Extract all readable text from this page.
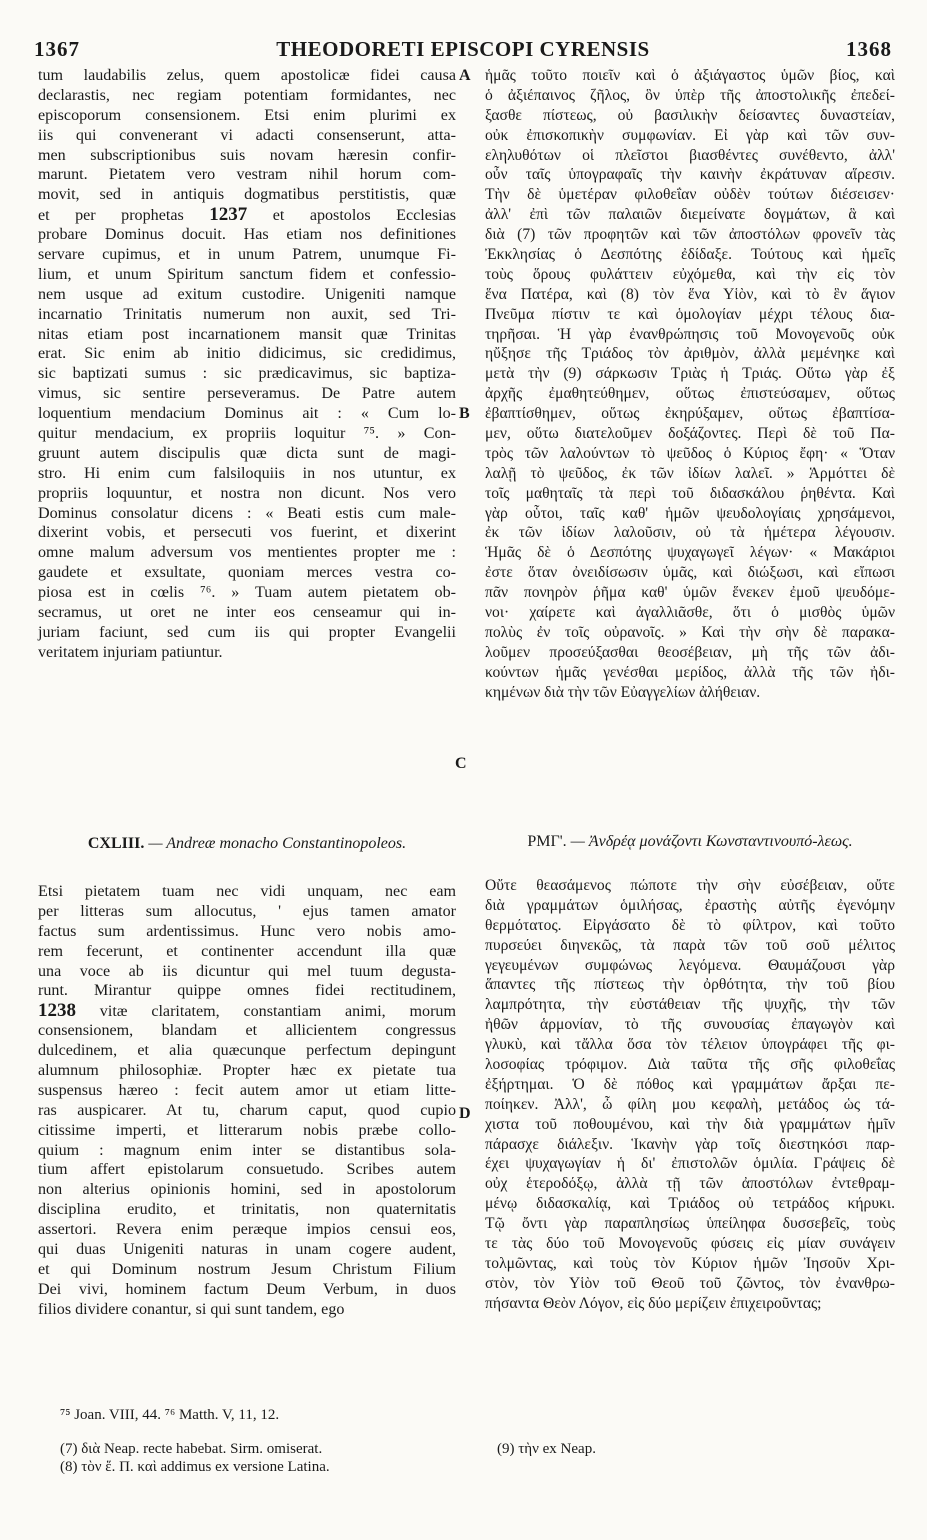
1367	THEODORETI EPISCOPI CYRENSIS	1368
tum laudabilis zelus, quem apostolicæ fidei causa
declarastis, nec regiam potentiam formidantes, nec
episcoporum consensionem. Etsi enim plurimi ex
iis qui convenerant vi adacti consenserunt, atta-
men subscriptionibus suis novam hæresin confir-
marunt. Pietatem vero vestram nihil horum com-
movit, sed in antiquis dogmatibus perstitistis, quæ
et per prophetas 1237 et apostolos Ecclesias
probare Dominus docuit. Has etiam nos definitiones
servare cupimus, et in unum Patrem, unumque Fi-
lium, et unum Spiritum sanctum fidem et confessio-
nem usque ad exitum custodire. Unigeniti namque
incarnatio Trinitatis numerum non auxit, sed Tri-
nitas etiam post incarnationem mansit quæ Trinitas
erat. Sic enim ab initio didicimus, sic credidimus,
sic baptizati sumus : sic prædicavimus, sic baptiza-
vimus, sic sentire perseveramus. De Patre autem
loquentium mendacium Dominus ait : « Cum lo-
quitur mendacium, ex propriis loquitur ⁷⁵. » Con-
gruunt autem discipulis quæ dicta sunt de magi-
stro. Hi enim cum falsiloquiis in nos utuntur, ex
propriis loquuntur, et nostra non dicunt. Nos vero
Dominus consolatur dicens : « Beati estis cum male-
dixerint vobis, et persecuti vos fuerint, et dixerint
omne malum adversum vos mentientes propter me :
gaudete et exsultate, quoniam merces vestra co-
piosa est in cœlis ⁷⁶. » Tuam autem pietatem ob-
secramus, ut oret ne inter eos censeamur qui in-
juriam faciunt, sed cum iis qui propter Evangelii
veritatem injuriam patiuntur.
ἡμᾶς τοῦτο ποιεῖν καὶ ὁ ἀξιάγαστος ὑμῶν βίος, καὶ
ὁ ἀξιέπαινος ζῆλος, ὃν ὑπὲρ τῆς ἀποστολικῆς ἐπεδεί-
ξασθε πίστεως, οὐ βασιλικὴν δείσαντες δυναστείαν,
οὐκ ἐπισκοπικὴν συμφωνίαν. Εἰ γὰρ καὶ τῶν συν-
εληλυθότων οἱ πλεῖστοι βιασθέντες συνέθεντο, ἀλλ'
οὖν ταῖς ὑπογραφαῖς τὴν καινὴν ἐκράτυναν αἵρεσιν.
Τὴν δὲ ὑμετέραν φιλοθεΐαν οὐδὲν τούτων διέσεισεν·
ἀλλ' ἐπὶ τῶν παλαιῶν διεμείνατε δογμάτων, ἃ καὶ
διὰ (7) τῶν προφητῶν καὶ τῶν ἀποστόλων φρονεῖν τὰς
Ἐκκλησίας ὁ Δεσπότης ἐδίδαξε. Τούτους καὶ ἡμεῖς
τοὺς ὅρους φυλάττειν εὐχόμεθα, καὶ τὴν εἰς τὸν
ἕνα Πατέρα, καὶ (8) τὸν ἕνα Υἱὸν, καὶ τὸ ἓν ἅγιον
Πνεῦμα πίστιν τε καὶ ὁμολογίαν μέχρι τέλους δια-
τηρῆσαι. Ἡ γὰρ ἐνανθρώπησις τοῦ Μονογενοῦς οὐκ
ηὔξησε τῆς Τριάδος τὸν ἀριθμὸν, ἀλλὰ μεμένηκε καὶ
μετὰ τὴν (9) σάρκωσιν Τριὰς ἡ Τριάς. Οὕτω γὰρ ἐξ
ἀρχῆς ἐμαθητεύθημεν, οὕτως ἐπιστεύσαμεν, οὕτως
ἐβαπτίσθημεν, οὕτως ἐκηρύξαμεν, οὕτως ἐβαπτίσα-
μεν, οὕτω διατελοῦμεν δοξάζοντες. Περὶ δὲ τοῦ Πα-
τρὸς τῶν λαλούντων τὸ ψεῦδος ὁ Κύριος ἔφη· « Ὅταν
λαλῇ τὸ ψεῦδος, ἐκ τῶν ἰδίων λαλεῖ. » Ἁρμόττει δὲ
τοῖς μαθηταῖς τὰ περὶ τοῦ διδασκάλου ῥηθέντα. Καὶ
γὰρ οὗτοι, ταῖς καθ' ἡμῶν ψευδολογίαις χρησάμενοι,
ἐκ τῶν ἰδίων λαλοῦσιν, οὐ τὰ ἡμέτερα λέγουσιν.
Ἡμᾶς δὲ ὁ Δεσπότης ψυχαγωγεῖ λέγων· « Μακάριοι
ἐστε ὅταν ὀνειδίσωσιν ὑμᾶς, καὶ διώξωσι, καὶ εἴπωσι
πᾶν πονηρὸν ῥῆμα καθ' ὑμῶν ἕνεκεν ἐμοῦ ψευδόμε-
νοι· χαίρετε καὶ ἀγαλλιᾶσθε, ὅτι ὁ μισθὸς ὑμῶν
πολὺς ἐν τοῖς οὐρανοῖς. » Καὶ τὴν σὴν δὲ παρακα-
λοῦμεν προσεύξασθαι θεοσέβειαν, μὴ τῆς τῶν ἀδι-
κούντων ἡμᾶς γενέσθαι μερίδος, ἀλλὰ τῆς τῶν ἠδι-
κημένων διὰ τὴν τῶν Εὐαγγελίων ἀλήθειαν.
A
B
C
D
CXLIII. — Andreæ monacho Constantinopoleos.	ΡΜΓ'. — Ἀνδρέᾳ μονάζοντι Κωνσταντινουπό-λεως.
Etsi pietatem tuam nec vidi unquam, nec eam
per litteras sum allocutus, ' ejus tamen amator
factus sum ardentissimus. Hunc vero nobis amo-
rem fecerunt, et continenter accendunt illa quæ
una voce ab iis dicuntur qui mel tuum degusta-
runt. Mirantur quippe omnes fidei rectitudinem,
1238 vitæ claritatem, constantiam animi, morum
consensionem, blandam et allicientem congressus
dulcedinem, et alia quæcunque perfectum depingunt
alumnum philosophiæ. Propter hæc ex pietate tua
suspensus hæreo : fecit autem amor ut etiam litte-
ras auspicarer. At tu, charum caput, quod cupio
citissime imperti, et litterarum nobis præbe collo-
quium : magnum enim inter se distantibus sola-
tium affert epistolarum consuetudo. Scribes autem
non alterius opinionis homini, sed in apostolorum
disciplina erudito, et trinitatis, non quaternitatis
assertori. Revera enim peræque impios censui eos,
qui duas Unigeniti naturas in unam cogere audent,
et qui Dominum nostrum Jesum Christum Filium
Dei vivi, hominem factum Deum Verbum, in duos
filios dividere conantur, si qui sunt tandem, ego
Οὔτε θεασάμενος πώποτε τὴν σὴν εὐσέβειαν, οὔτε
διὰ γραμμάτων ὁμιλήσας, ἐραστὴς αὐτῆς ἐγενόμην
θερμότατος. Εἰργάσατο δὲ τὸ φίλτρον, καὶ τοῦτο
πυρσεύει διηνεκῶς, τὰ παρὰ τῶν τοῦ σοῦ μέλιτος
γεγευμένων συμφώνως λεγόμενα. Θαυμάζουσι γὰρ
ἅπαντες τῆς πίστεως τὴν ὀρθότητα, τὴν τοῦ βίου
λαμπρότητα, τὴν εὐστάθειαν τῆς ψυχῆς, τὴν τῶν
ἠθῶν ἁρμονίαν, τὸ τῆς συνουσίας ἐπαγωγὸν καὶ
γλυκὺ, καὶ τἄλλα ὅσα τὸν τέλειον ὑπογράφει τῆς φι-
λοσοφίας τρόφιμον. Διὰ ταῦτα τῆς σῆς φιλοθεΐας
ἐξήρτημαι. Ὁ δὲ πόθος καὶ γραμμάτων ἄρξαι πε-
ποίηκεν. Ἀλλ', ὦ φίλη μου κεφαλὴ, μετάδος ὡς τά-
χιστα τοῦ ποθουμένου, καὶ τὴν διὰ γραμμάτων ἡμῖν
πάρασχε διάλεξιν. Ἱκανὴν γὰρ τοῖς διεστηκόσι παρ-
έχει ψυχαγωγίαν ἡ δι' ἐπιστολῶν ὁμιλία. Γράψεις δὲ
οὐχ ἑτεροδόξῳ, ἀλλὰ τῇ τῶν ἀποστόλων ἐντεθραμ-
μένῳ διδασκαλίᾳ, καὶ Τριάδος οὐ τετράδος κήρυκι.
Τῷ ὄντι γὰρ παραπλησίως ὑπείληφα δυσσεβεῖς, τοὺς
τε τὰς δύο τοῦ Μονογενοῦς φύσεις εἰς μίαν συνάγειν
τολμῶντας, καὶ τοὺς τὸν Κύριον ἡμῶν Ἰησοῦν Χρι-
στὸν, τὸν Υἱὸν τοῦ Θεοῦ τοῦ ζῶντος, τὸν ἐνανθρω-
πήσαντα Θεὸν Λόγον, εἰς δύο μερίζειν ἐπιχειροῦντας;
⁷⁵ Joan. VIII, 44. ⁷⁶ Matth. V, 11, 12.
(7) διὰ Neap. recte habebat. Sirm. omiserat.
(8) τὸν ἕ. Π. καὶ addimus ex versione Latina.
(9) τὴν ex Neap.
